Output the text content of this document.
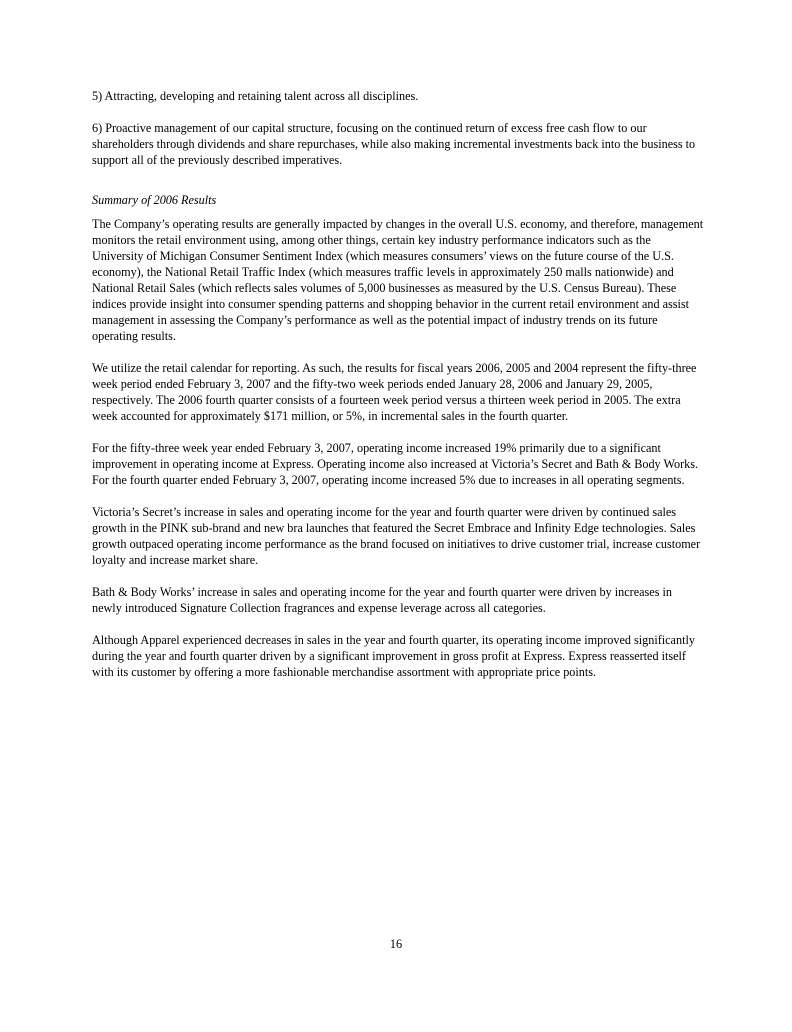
5) Attracting, developing and retaining talent across all disciplines.

6) Proactive management of our capital structure, focusing on the continued return of excess free cash flow to our shareholders through dividends and share repurchases, while also making incremental investments back into the business to support all of the previously described imperatives.

Summary of 2006 Results

The Company’s operating results are generally impacted by changes in the overall U.S. economy, and therefore, management monitors the retail environment using, among other things, certain key industry performance indicators such as the University of Michigan Consumer Sentiment Index (which measures consumers’ views on the future course of the U.S. economy), the National Retail Traffic Index (which measures traffic levels in approximately 250 malls nationwide) and National Retail Sales (which reflects sales volumes of 5,000 businesses as measured by the U.S. Census Bureau). These indices provide insight into consumer spending patterns and shopping behavior in the current retail environment and assist management in assessing the Company’s performance as well as the potential impact of industry trends on its future operating results.

We utilize the retail calendar for reporting. As such, the results for fiscal years 2006, 2005 and 2004 represent the fifty-three week period ended February 3, 2007 and the fifty-two week periods ended January 28, 2006 and January 29, 2005, respectively. The 2006 fourth quarter consists of a fourteen week period versus a thirteen week period in 2005. The extra week accounted for approximately $171 million, or 5%, in incremental sales in the fourth quarter.

For the fifty-three week year ended February 3, 2007, operating income increased 19% primarily due to a significant improvement in operating income at Express. Operating income also increased at Victoria’s Secret and Bath & Body Works. For the fourth quarter ended February 3, 2007, operating income increased 5% due to increases in all operating segments.

Victoria’s Secret’s increase in sales and operating income for the year and fourth quarter were driven by continued sales growth in the PINK sub-brand and new bra launches that featured the Secret Embrace and Infinity Edge technologies. Sales growth outpaced operating income performance as the brand focused on initiatives to drive customer trial, increase customer loyalty and increase market share.

Bath & Body Works’ increase in sales and operating income for the year and fourth quarter were driven by increases in newly introduced Signature Collection fragrances and expense leverage across all categories.

Although Apparel experienced decreases in sales in the year and fourth quarter, its operating income improved significantly during the year and fourth quarter driven by a significant improvement in gross profit at Express. Express reasserted itself with its customer by offering a more fashionable merchandise assortment with appropriate price points.

16
